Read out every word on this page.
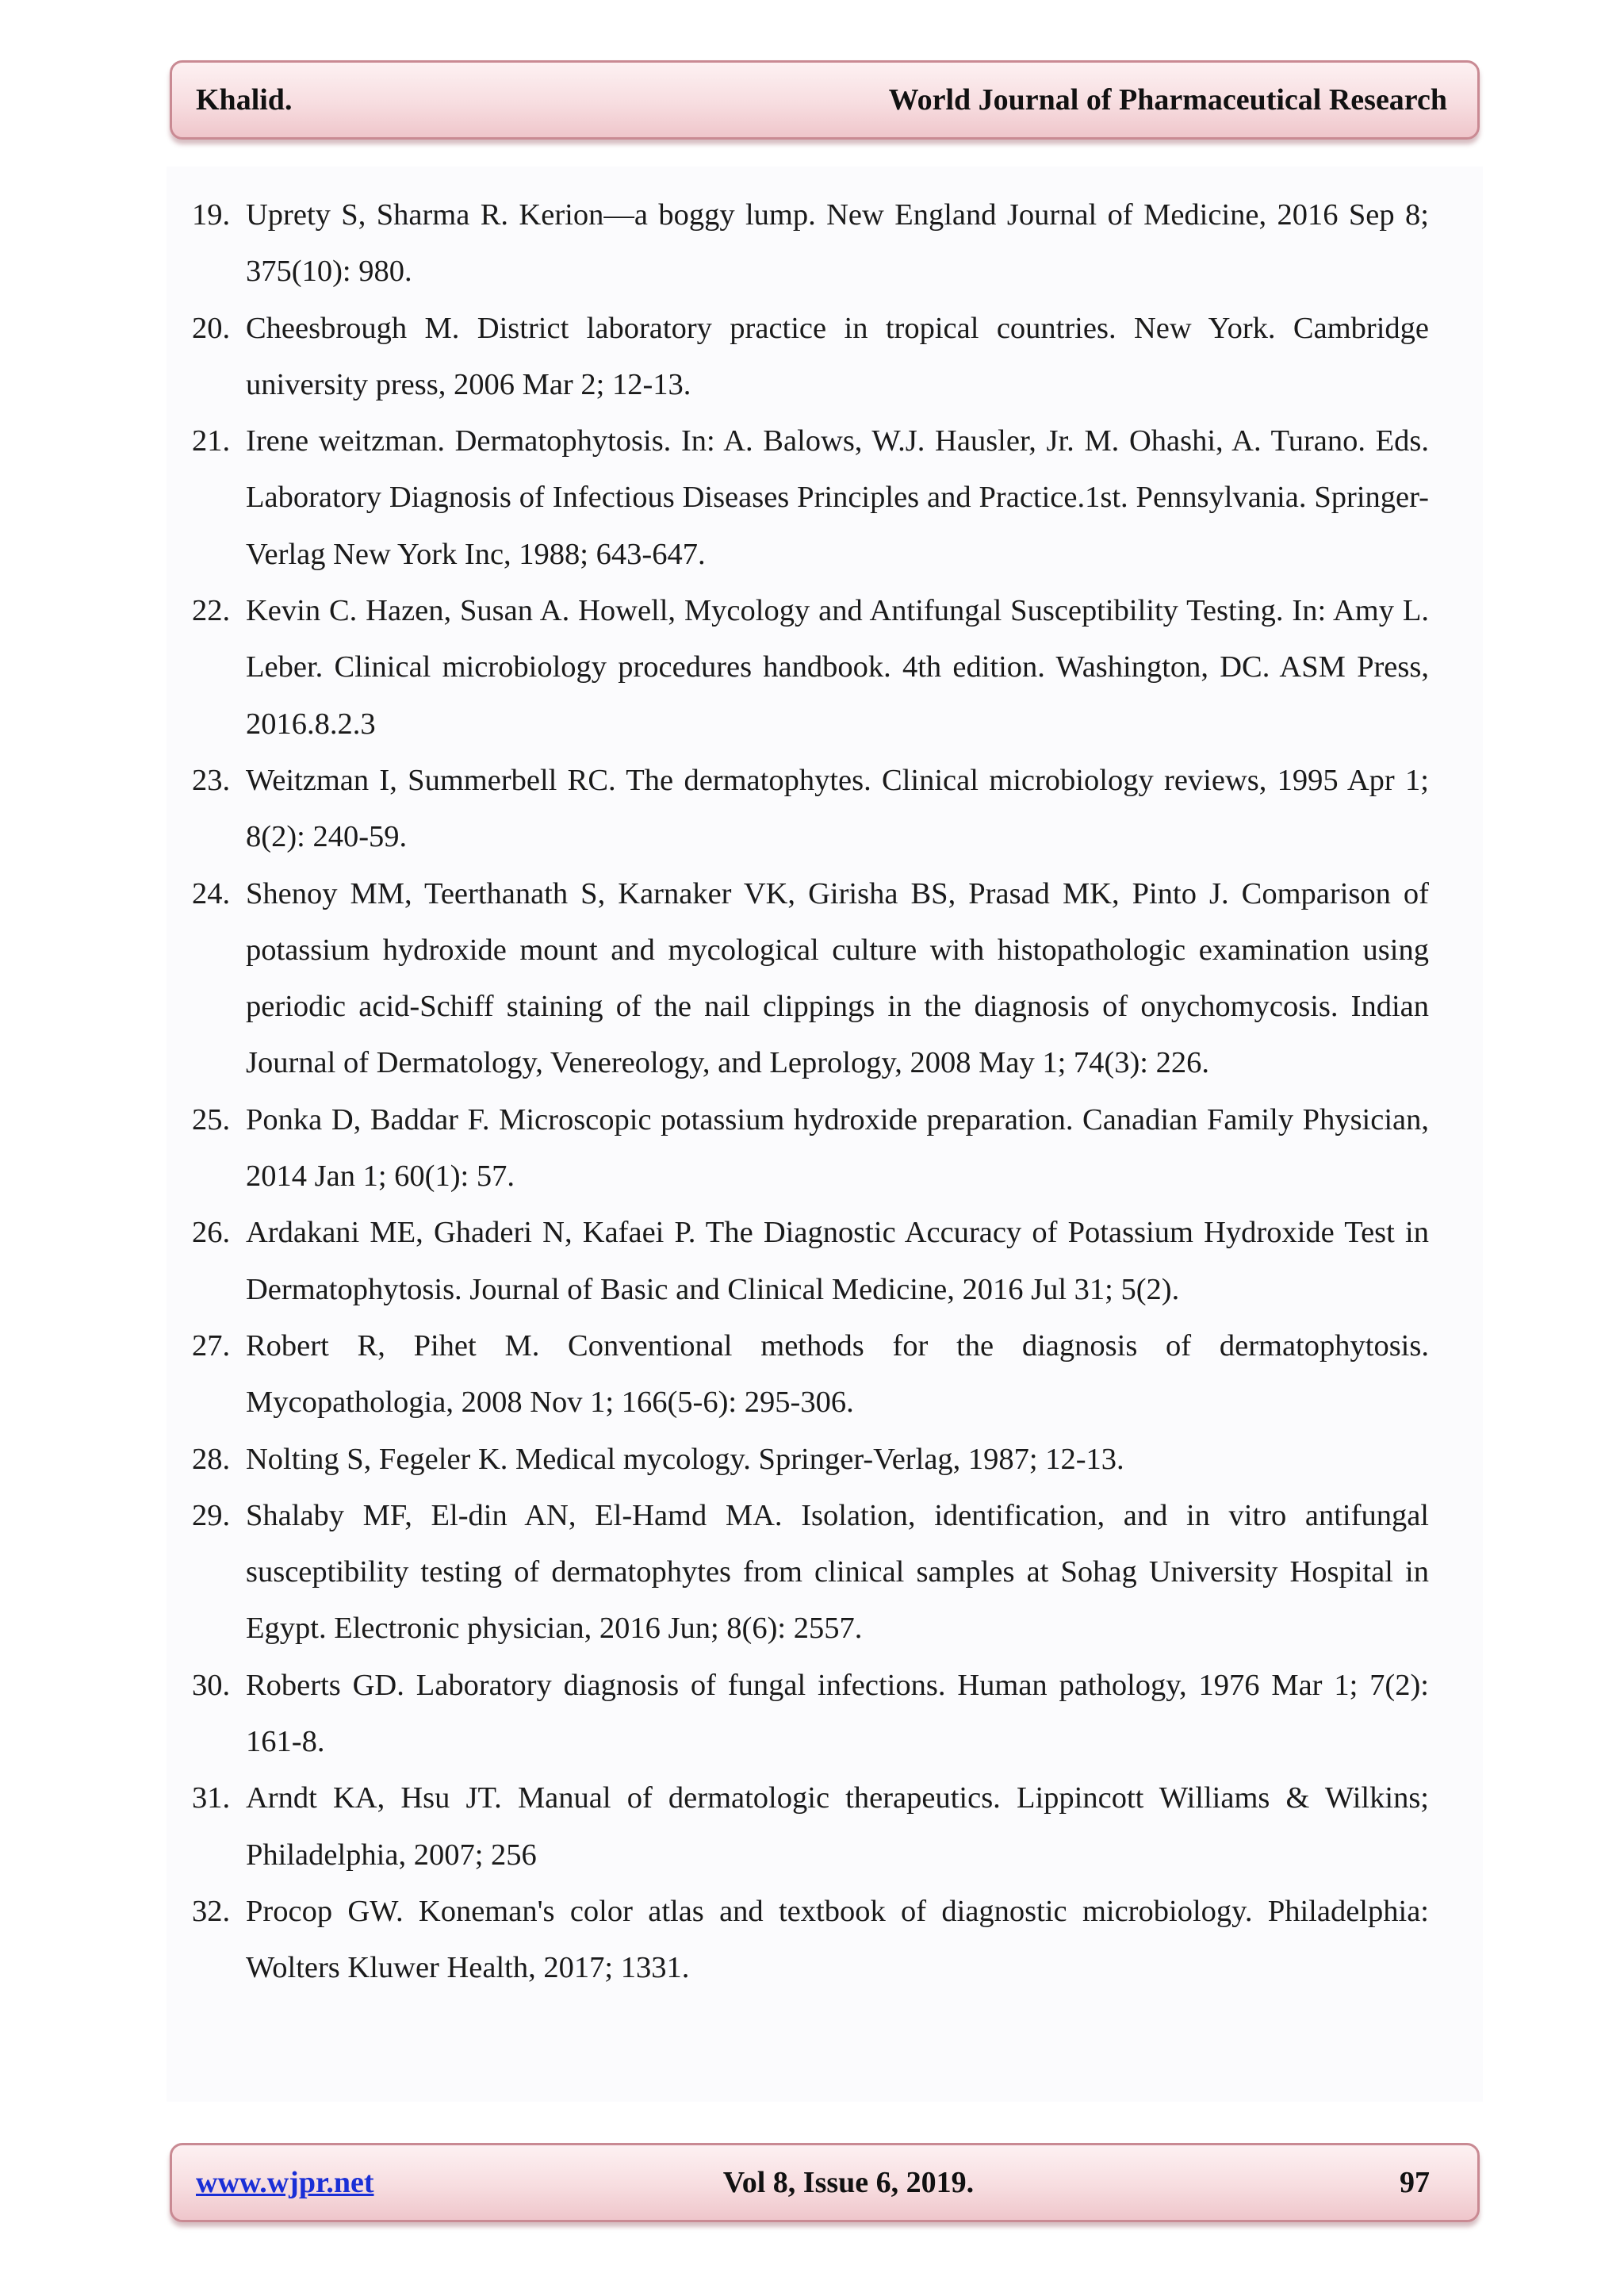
Khalid.	World Journal of Pharmaceutical Research
19. Uprety S, Sharma R. Kerion—a boggy lump. New England Journal of Medicine, 2016 Sep 8; 375(10): 980.
20. Cheesbrough M. District laboratory practice in tropical countries. New York. Cambridge university press, 2006 Mar 2; 12-13.
21. Irene weitzman. Dermatophytosis. In: A. Balows, W.J. Hausler, Jr. M. Ohashi, A. Turano. Eds. Laboratory Diagnosis of Infectious Diseases Principles and Practice.1st. Pennsylvania. Springer-Verlag New York Inc, 1988; 643-647.
22. Kevin C. Hazen, Susan A. Howell, Mycology and Antifungal Susceptibility Testing. In: Amy L. Leber. Clinical microbiology procedures handbook. 4th edition. Washington, DC. ASM Press, 2016.8.2.3
23. Weitzman I, Summerbell RC. The dermatophytes. Clinical microbiology reviews, 1995 Apr 1; 8(2): 240-59.
24. Shenoy MM, Teerthanath S, Karnaker VK, Girisha BS, Prasad MK, Pinto J. Comparison of potassium hydroxide mount and mycological culture with histopathologic examination using periodic acid-Schiff staining of the nail clippings in the diagnosis of onychomycosis. Indian Journal of Dermatology, Venereology, and Leprology, 2008 May 1; 74(3): 226.
25. Ponka D, Baddar F. Microscopic potassium hydroxide preparation. Canadian Family Physician, 2014 Jan 1; 60(1): 57.
26. Ardakani ME, Ghaderi N, Kafaei P. The Diagnostic Accuracy of Potassium Hydroxide Test in Dermatophytosis. Journal of Basic and Clinical Medicine, 2016 Jul 31; 5(2).
27. Robert R, Pihet M. Conventional methods for the diagnosis of dermatophytosis. Mycopathologia, 2008 Nov 1; 166(5-6): 295-306.
28. Nolting S, Fegeler K. Medical mycology. Springer-Verlag, 1987; 12-13.
29. Shalaby MF, El-din AN, El-Hamd MA. Isolation, identification, and in vitro antifungal susceptibility testing of dermatophytes from clinical samples at Sohag University Hospital in Egypt. Electronic physician, 2016 Jun; 8(6): 2557.
30. Roberts GD. Laboratory diagnosis of fungal infections. Human pathology, 1976 Mar 1; 7(2): 161-8.
31. Arndt KA, Hsu JT. Manual of dermatologic therapeutics. Lippincott Williams & Wilkins; Philadelphia, 2007; 256
32. Procop GW. Koneman's color atlas and textbook of diagnostic microbiology. Philadelphia: Wolters Kluwer Health, 2017; 1331.
www.wjpr.net	Vol 8, Issue 6, 2019.	97
